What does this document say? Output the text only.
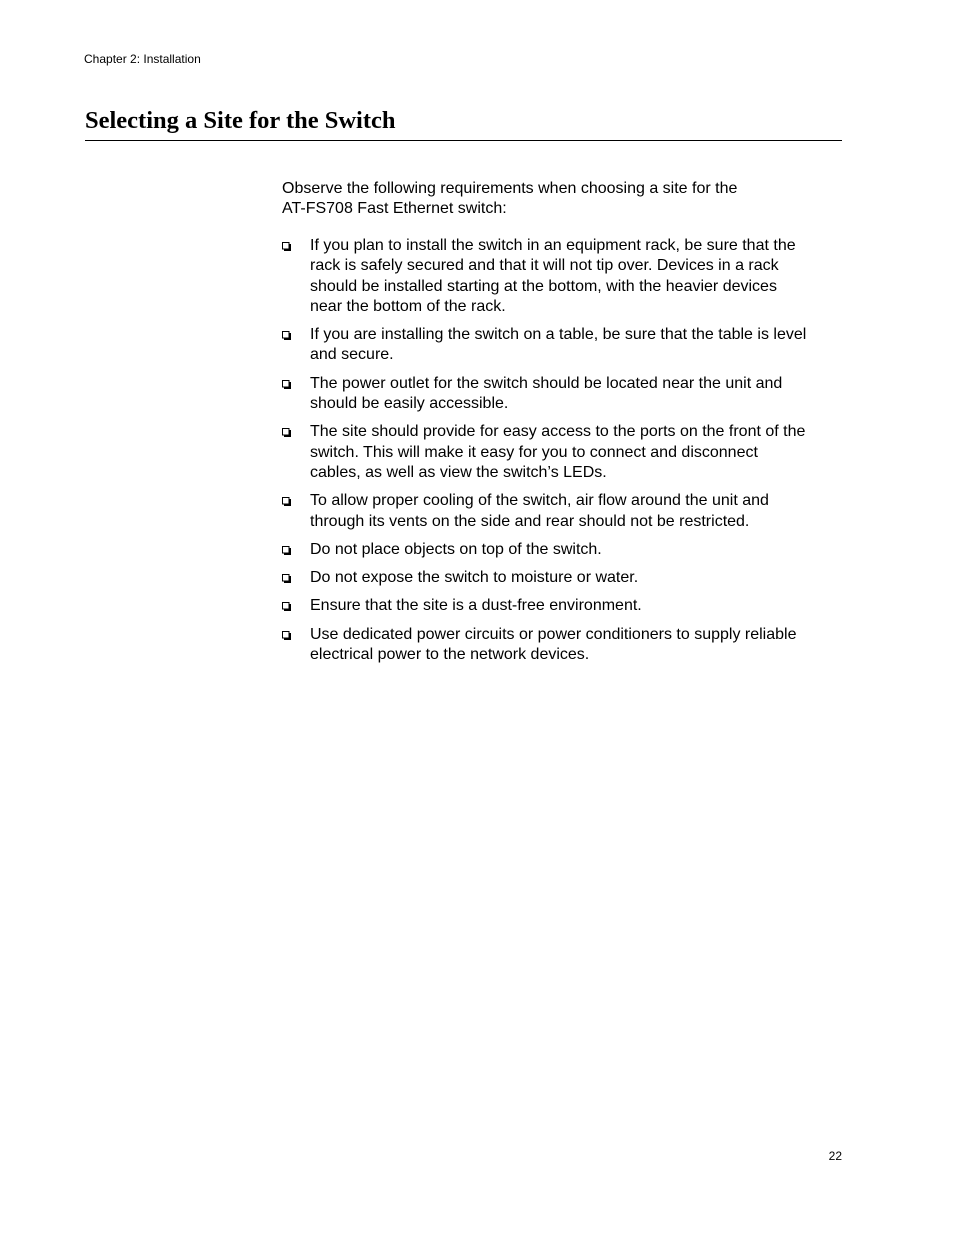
Chapter 2: Installation
Selecting a Site for the Switch

Observe the following requirements when choosing a site for the
AT-FS708 Fast Ethernet switch:

If you plan to install the switch in an equipment rack, be sure that the
rack is safely secured and that it will not tip over. Devices in a rack
should be installed starting at the bottom, with the heavier devices
near the bottom of the rack.
If you are installing the switch on a table, be sure that the table is level
and secure.
The power outlet for the switch should be located near the unit and
should be easily accessible.
The site should provide for easy access to the ports on the front of the
switch. This will make it easy for you to connect and disconnect
cables, as well as view the switch’s LEDs.
To allow proper cooling of the switch, air flow around the unit and
through its vents on the side and rear should not be restricted.
Do not place objects on top of the switch.
Do not expose the switch to moisture or water.
Ensure that the site is a dust-free environment.
Use dedicated power circuits or power conditioners to supply reliable
electrical power to the network devices.
22
